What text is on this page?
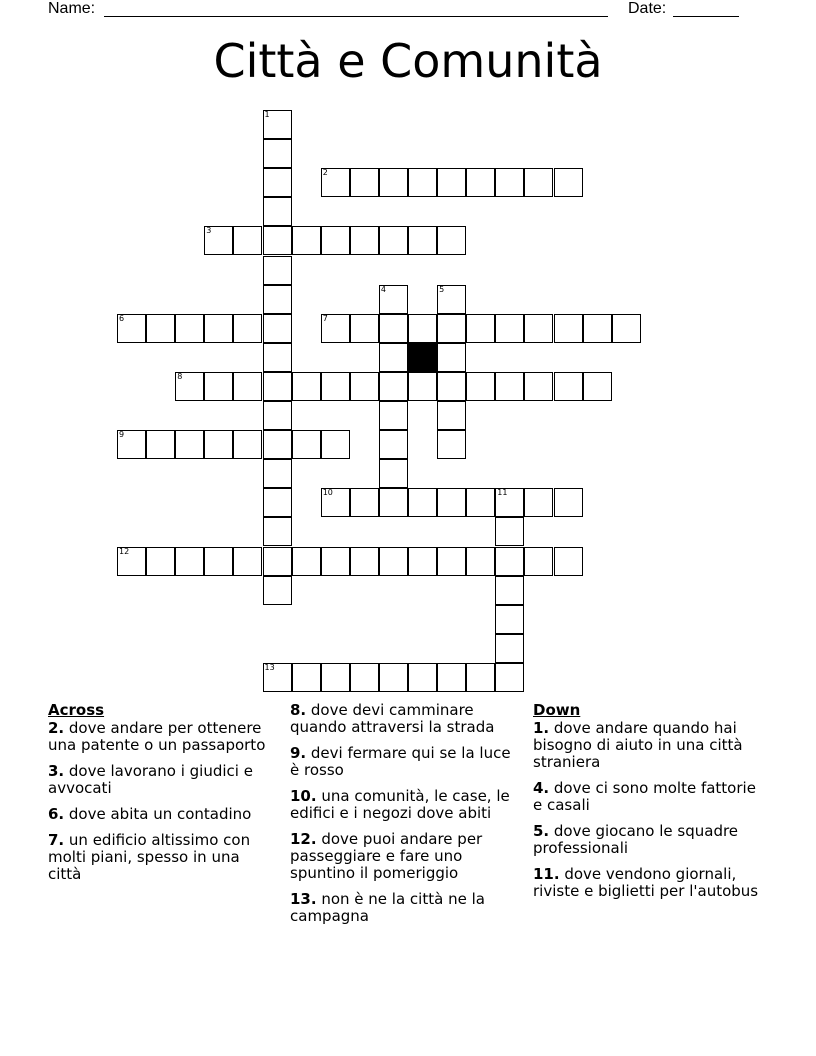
Name:	Date:
Città e Comunità
2
3
6	7
8
9
10	11
12
13
1
4	5
Across
2. dove andare per ottenere una patente o un passaporto
3. dove lavorano i giudici e avvocati
6. dove abita un contadino
7. un edificio altissimo con molti piani, spesso in una città
8. dove devi camminare quando attraversi la strada
9. devi fermare qui se la luce è rosso
10. una comunità, le case, le edifici e i negozi dove abiti
12. dove puoi andare per passeggiare e fare uno spuntino il pomeriggio
13. non è ne la città ne la campagna
Down
1. dove andare quando hai bisogno di aiuto in una città straniera
4. dove ci sono molte fattorie e casali
5. dove giocano le squadre professionali
11. dove vendono giornali, riviste e biglietti per l'autobus
